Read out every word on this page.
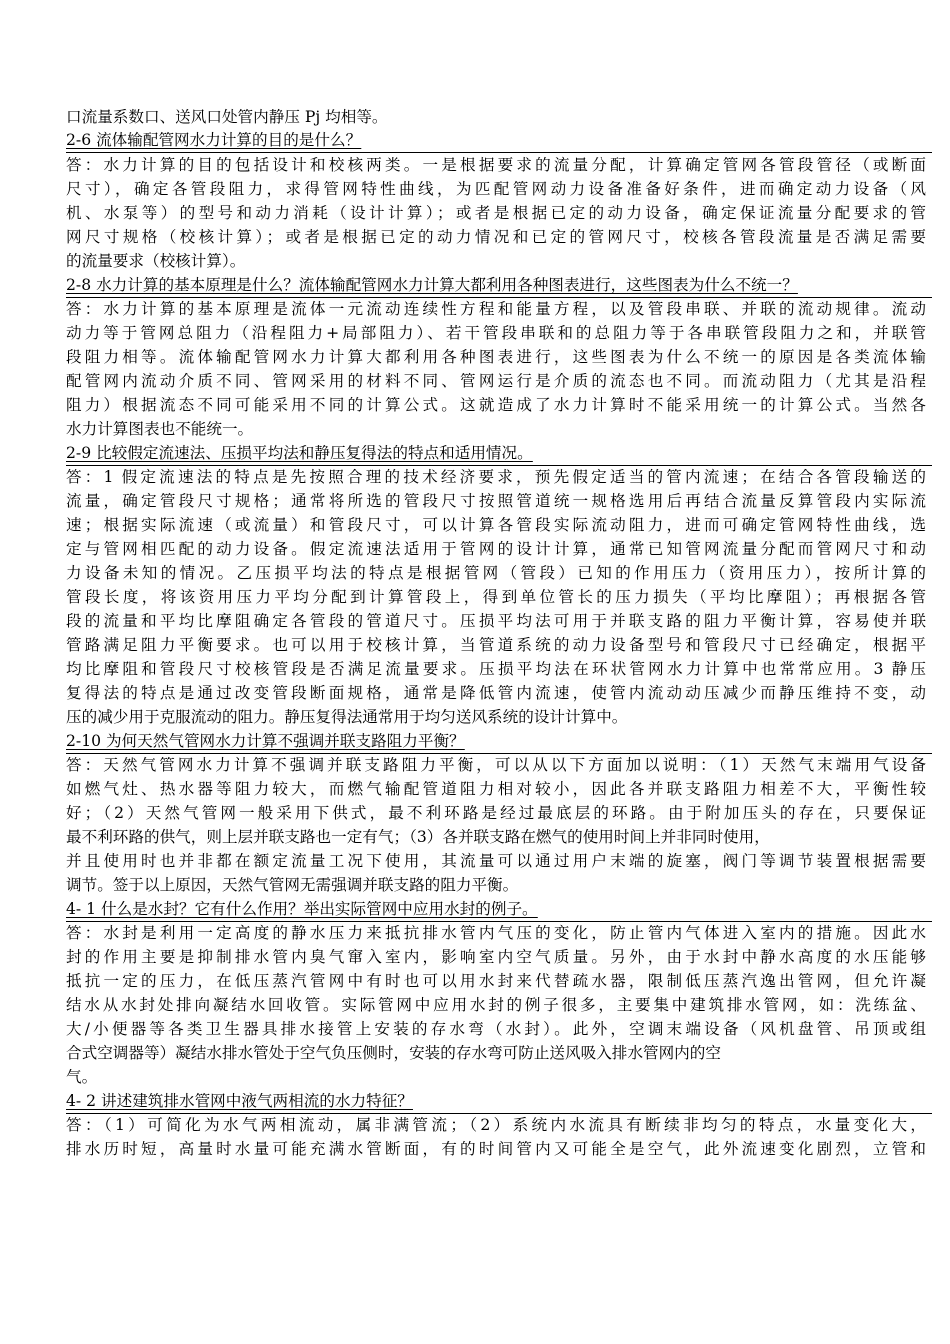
口流量系数口、送风口处管内静压 Pj 均相等。
2-6 流体输配管网水力计算的目的是什么？
答：水力计算的目的包括设计和校核两类。一是根据要求的流量分配，计算确定管网各管段管径（或断面
尺寸），确定各管段阻力，求得管网特性曲线，为匹配管网动力设备准备好条件，进而确定动力设备（风
机、水泵等）的型号和动力消耗（设计计算）；或者是根据已定的动力设备，确定保证流量分配要求的管
网尺寸规格（校核计算）；或者是根据已定的动力情况和已定的管网尺寸，校核各管段流量是否满足需要
的流量要求（校核计算）。
2-8 水力计算的基本原理是什么？流体输配管网水力计算大都利用各种图表进行，这些图表为什么不统一？
答：水力计算的基本原理是流体一元流动连续性方程和能量方程，以及管段串联、并联的流动规律。流动
动力等于管网总阻力（沿程阻力+局部阻力）、若干管段串联和的总阻力等于各串联管段阻力之和，并联管
段阻力相等。流体输配管网水力计算大都利用各种图表进行，这些图表为什么不统一的原因是各类流体输
配管网内流动介质不同、管网采用的材料不同、管网运行是介质的流态也不同。而流动阻力（尤其是沿程
阻力）根据流态不同可能采用不同的计算公式。这就造成了水力计算时不能采用统一的计算公式。当然各
水力计算图表也不能统一。
2-9 比较假定流速法、压损平均法和静压复得法的特点和适用情况。
答：1 假定流速法的特点是先按照合理的技术经济要求，预先假定适当的管内流速；在结合各管段输送的
流量，确定管段尺寸规格；通常将所选的管段尺寸按照管道统一规格选用后再结合流量反算管段内实际流
速；根据实际流速（或流量）和管段尺寸，可以计算各管段实际流动阻力，进而可确定管网特性曲线，选
定与管网相匹配的动力设备。假定流速法适用于管网的设计计算，通常已知管网流量分配而管网尺寸和动
力设备未知的情况。乙压损平均法的特点是根据管网（管段）已知的作用压力（资用压力），按所计算的
管段长度，将该资用压力平均分配到计算管段上，得到单位管长的压力损失（平均比摩阻）；再根据各管
段的流量和平均比摩阻确定各管段的管道尺寸。压损平均法可用于并联支路的阻力平衡计算，容易使并联
管路满足阻力平衡要求。也可以用于校核计算，当管道系统的动力设备型号和管段尺寸已经确定，根据平
均比摩阻和管段尺寸校核管段是否满足流量要求。压损平均法在环状管网水力计算中也常常应用。3 静压
复得法的特点是通过改变管段断面规格，通常是降低管内流速，使管内流动动压减少而静压维持不变，动
压的减少用于克服流动的阻力。静压复得法通常用于均匀送风系统的设计计算中。
2-10 为何天然气管网水力计算不强调并联支路阻力平衡？
答：天然气管网水力计算不强调并联支路阻力平衡，可以从以下方面加以说明：（1）天然气末端用气设备
如燃气灶、热水器等阻力较大，而燃气输配管道阻力相对较小，因此各并联支路阻力相差不大，平衡性较
好；（2）天然气管网一般采用下供式，最不利环路是经过最底层的环路。由于附加压头的存在，只要保证
最不利环路的供气，则上层并联支路也一定有气；（3）各并联支路在燃气的使用时间上并非同时使用，
并且使用时也并非都在额定流量工况下使用，其流量可以通过用户末端的旋塞，阀门等调节装置根据需要
调节。签于以上原因，天然气管网无需强调并联支路的阻力平衡。
4- 1 什么是水封？它有什么作用？举出实际管网中应用水封的例子。
答：水封是利用一定高度的静水压力来抵抗排水管内气压的变化，防止管内气体进入室内的措施。因此水
封的作用主要是抑制排水管内臭气窜入室内，影响室内空气质量。另外，由于水封中静水高度的水压能够
抵抗一定的压力，在低压蒸汽管网中有时也可以用水封来代替疏水器，限制低压蒸汽逸出管网，但允许凝
结水从水封处排向凝结水回收管。实际管网中应用水封的例子很多，主要集中建筑排水管网，如：洗练盆、
大/小便器等各类卫生器具排水接管上安装的存水弯（水封）。此外，空调末端设备（风机盘管、吊顶或组
合式空调器等）凝结水排水管处于空气负压侧时，安装的存水弯可防止送风吸入排水管网内的空
气。
4- 2 讲述建筑排水管网中液气两相流的水力特征？
答：（1）可简化为水气两相流动，属非满管流；（2）系统内水流具有断续非均匀的特点，水量变化大，
排水历时短，高量时水量可能充满水管断面，有的时间管内又可能全是空气，此外流速变化剧烈，立管和
